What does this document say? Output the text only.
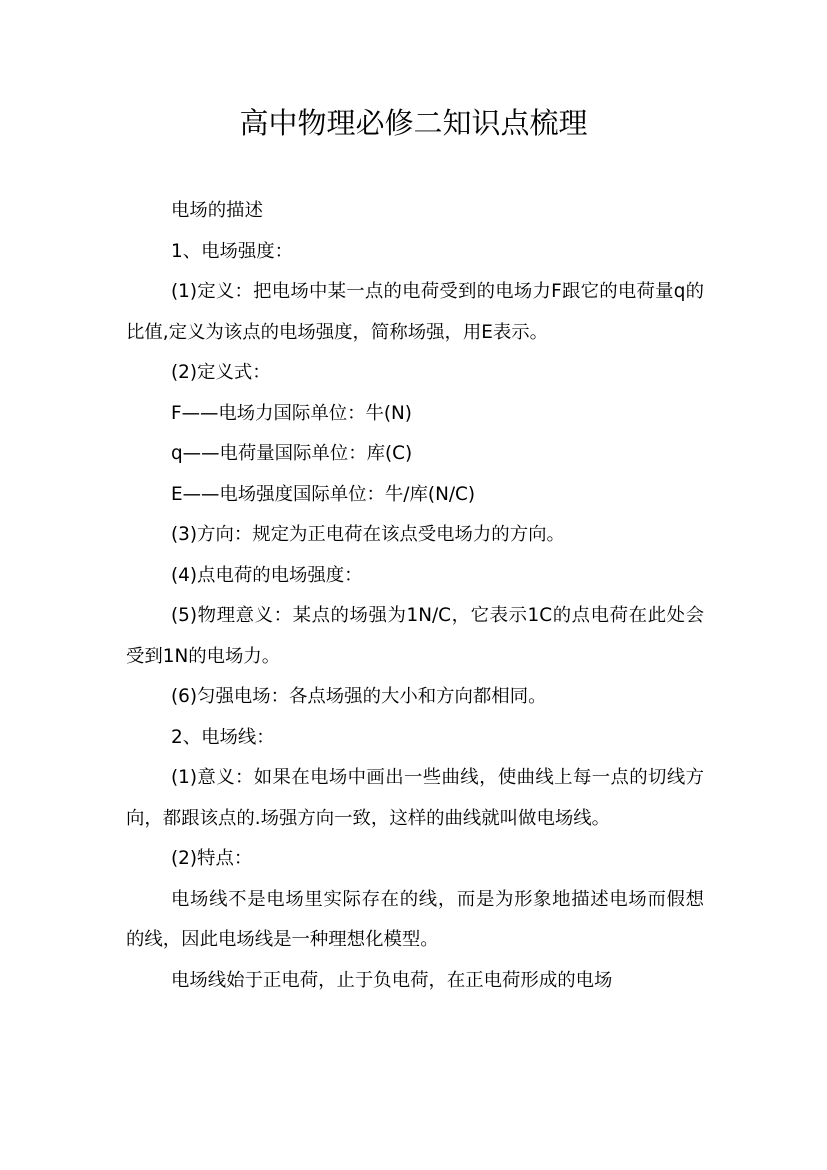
高中物理必修二知识点梳理

电场的描述

1、电场强度：

(1)定义：把电场中某一点的电荷受到的电场力F跟它的电荷量q的比值,定义为该点的电场强度，简称场强，用E表示。

(2)定义式：

F——电场力国际单位：牛(N)

q——电荷量国际单位：库(C)

E——电场强度国际单位：牛/库(N/C)

(3)方向：规定为正电荷在该点受电场力的方向。

(4)点电荷的电场强度：

(5)物理意义：某点的场强为1N/C，它表示1C的点电荷在此处会受到1N的电场力。

(6)匀强电场：各点场强的大小和方向都相同。

2、电场线：

(1)意义：如果在电场中画出一些曲线，使曲线上每一点的切线方向，都跟该点的.场强方向一致，这样的曲线就叫做电场线。

(2)特点：

电场线不是电场里实际存在的线，而是为形象地描述电场而假想的线，因此电场线是一种理想化模型。

电场线始于正电荷，止于负电荷，在正电荷形成的电场
